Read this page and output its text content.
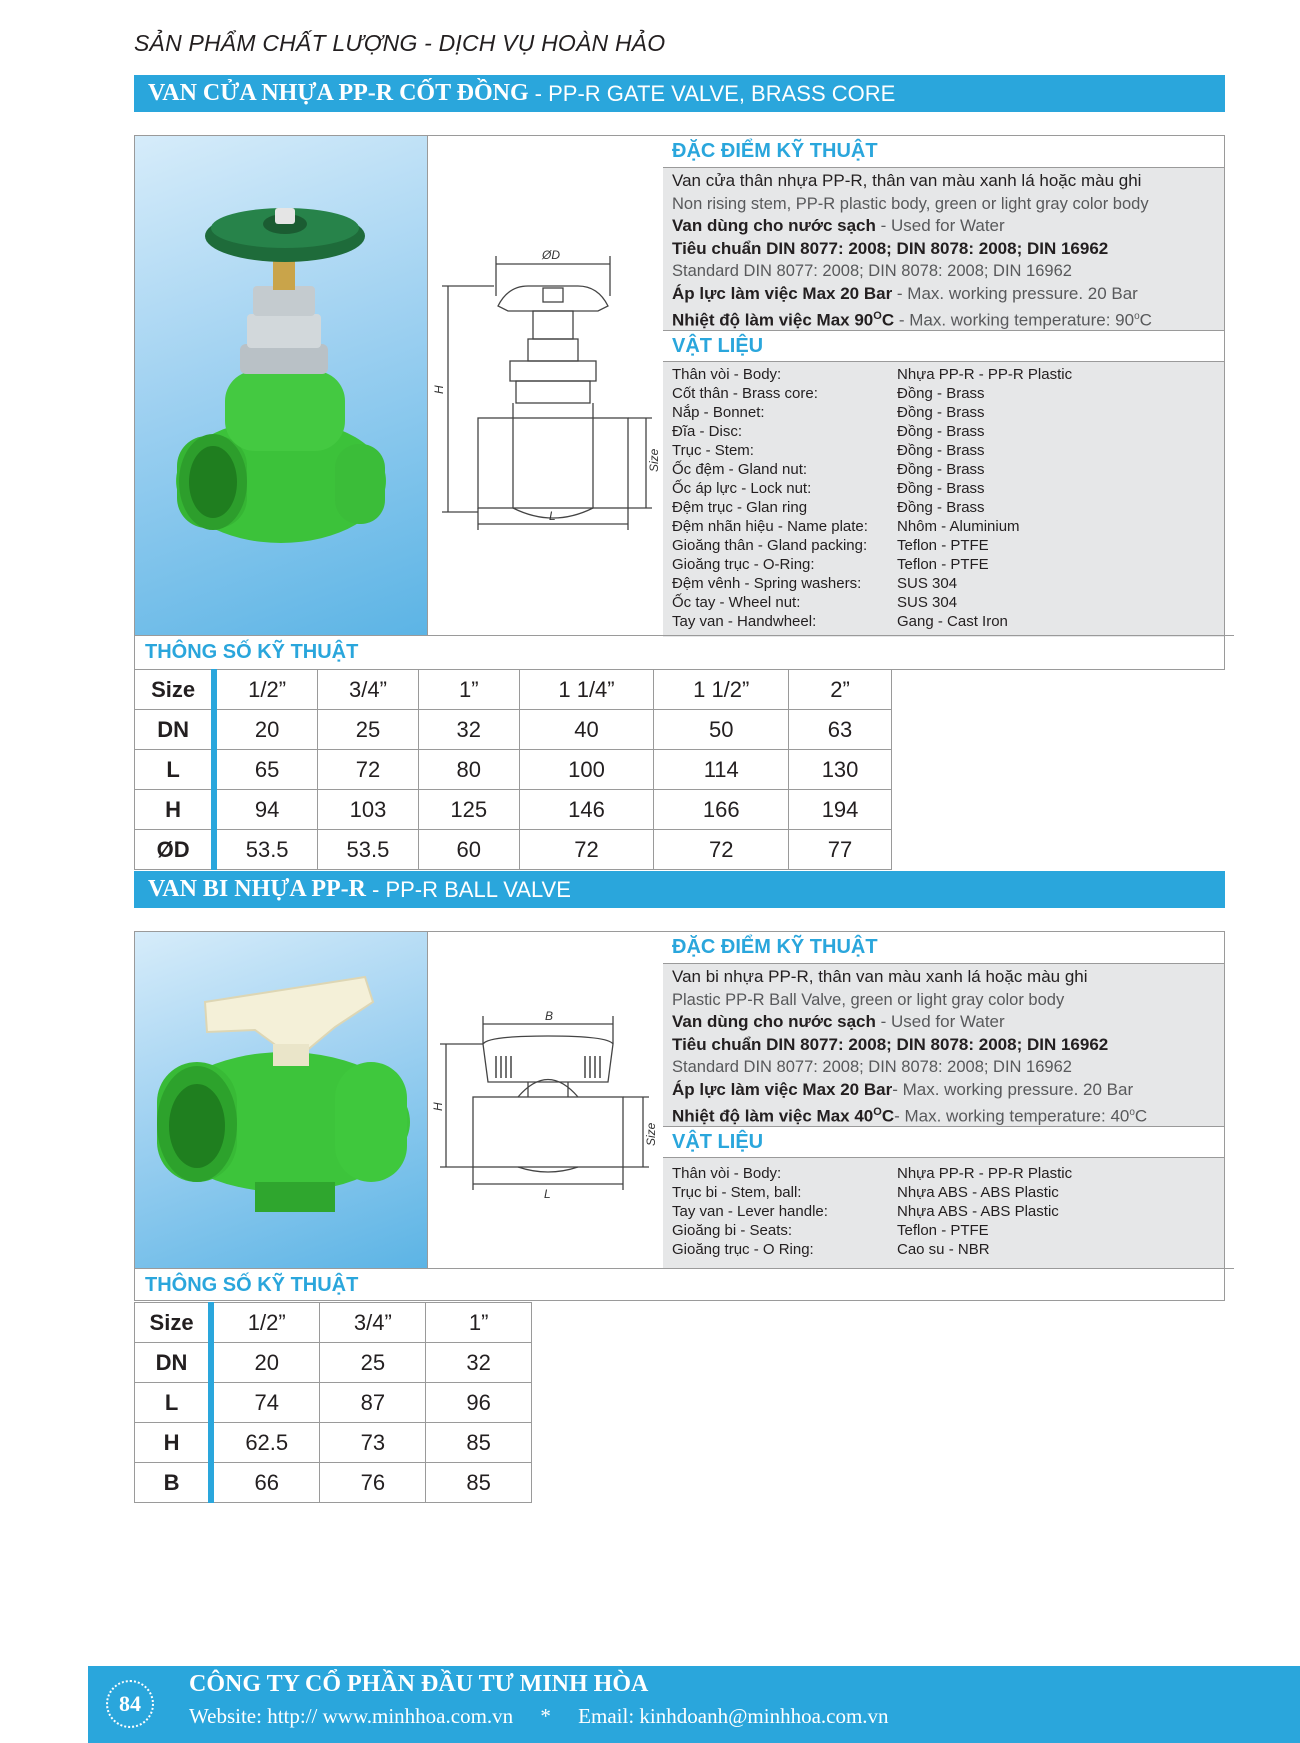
SẢN PHẨM CHẤT LƯỢNG - DỊCH VỤ HOÀN HẢO
VAN CỬA NHỰA PP-R CỐT ĐỒNG - PP-R GATE VALVE, BRASS CORE
ØD
H
Size
L
ĐẶC ĐIỂM KỸ THUẬT
Van cửa thân nhựa PP-R, thân van màu xanh lá hoặc màu ghi
Non rising stem, PP-R plastic body, green or light gray color body
Van dùng cho nước sạch - Used for Water
Tiêu chuẩn DIN 8077: 2008; DIN 8078: 2008; DIN 16962
Standard DIN 8077: 2008; DIN 8078: 2008; DIN 16962
Áp lực làm việc Max 20 Bar - Max. working pressure. 20 Bar
Nhiệt độ làm việc Max $90^OC$ - Max. working temperature: 90$^o$C
VẬT LIỆU
Thân vòi - Body:	Nhựa PP-R - PP-R Plastic
Cốt thân - Brass core:	Đồng - Brass
Nắp - Bonnet:	Đồng - Brass
Đĩa - Disc:	Đồng - Brass
Trục - Stem:	Đồng - Brass
Ốc đệm - Gland nut:	Đồng - Brass
Ốc áp lực - Lock nut:	Đồng - Brass
Đệm trục - Glan ring	Đồng - Brass
Đệm nhãn hiệu - Name plate:	Nhôm - Aluminium
Gioăng thân - Gland packing:	Teflon - PTFE
Gioăng trục - O-Ring:	Teflon - PTFE
Đệm vênh - Spring washers:	SUS 304
Ốc tay - Wheel nut:	SUS 304
Tay van - Handwheel:	Gang - Cast Iron
THÔNG SỐ KỸ THUẬT
Size	1/2”	3/4”	1”	1 1/4”	1 1/2”	2”
DN	20	25	32	40	50	63
L	65	72	80	100	114	130
H	94	103	125	146	166	194
ØD	53.5	53.5	60	72	72	77
VAN BI NHỰA PP-R - PP-R BALL VALVE
B
H
Size
L
ĐẶC ĐIỂM KỸ THUẬT
Van bi nhựa PP-R, thân van màu xanh lá hoặc màu ghi
Plastic PP-R Ball Valve, green or light gray color body
Van dùng cho nước sạch - Used for Water
Tiêu chuẩn DIN 8077: 2008; DIN 8078: 2008; DIN 16962
Standard DIN 8077: 2008; DIN 8078: 2008; DIN 16962
Áp lực làm việc Max 20 Bar- Max. working pressure. 20 Bar
Nhiệt độ làm việc Max $40^OC-$ Max. working temperature: 40$^o$C
VẬT LIỆU
Thân vòi - Body:	Nhựa PP-R - PP-R Plastic
Trục bi - Stem, ball:	Nhựa ABS - ABS Plastic
Tay van - Lever handle:	Nhựa ABS - ABS Plastic
Gioăng bi - Seats:	Teflon - PTFE
Gioăng trục - O Ring:	Cao su - NBR
THÔNG SỐ KỸ THUẬT
Size	1/2”	3/4”	1”
DN	20	25	32
L	74	87	96
H	62.5	73	85
B	66	76	85
84
CÔNG TY CỔ PHẦN ĐẦU TƯ MINH HÒA
Website: http:// www.minhhoa.com.vn * Email: kinhdoanh@minhhoa.com.vn
